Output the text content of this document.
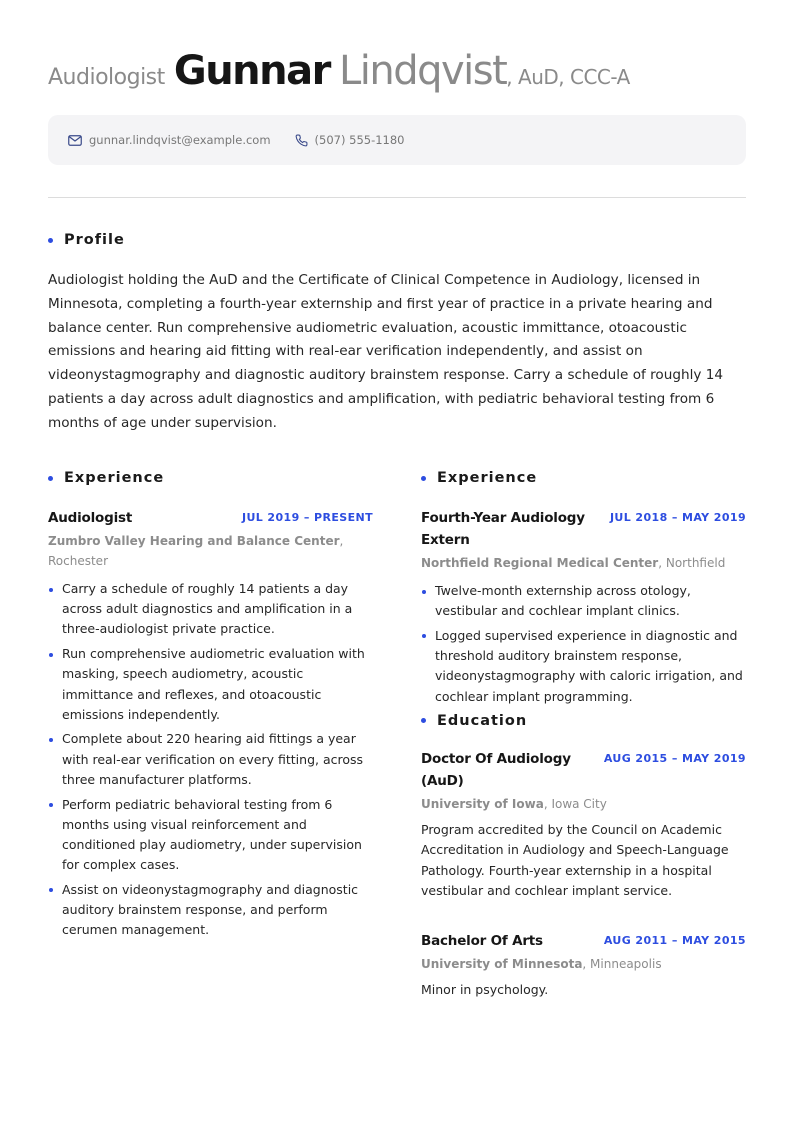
Audiologist Gunnar Lindqvist, AuD, CCC-A
gunnar.lindqvist@example.com	(507) 555-1180
Profile

Audiologist holding the AuD and the Certificate of Clinical Competence in Audiology, licensed in Minnesota, completing a fourth-year externship and first year of practice in a private hearing and balance center. Run comprehensive audiometric evaluation, acoustic immittance, otoacoustic emissions and hearing aid fitting with real-ear verification independently, and assist on videonystagmography and diagnostic auditory brainstem response. Carry a schedule of roughly 14 patients a day across adult diagnostics and amplification, with pediatric behavioral testing from 6 months of age under supervision.

Experience
Audiologist	JUL 2019 – PRESENT
Zumbro Valley Hearing and Balance Center, Rochester
Carry a schedule of roughly 14 patients a day across adult diagnostics and amplification in a three-audiologist private practice.
Run comprehensive audiometric evaluation with masking, speech audiometry, acoustic immittance and reflexes, and otoacoustic emissions independently.
Complete about 220 hearing aid fittings a year with real-ear verification on every fitting, across three manufacturer platforms.
Perform pediatric behavioral testing from 6 months using visual reinforcement and conditioned play audiometry, under supervision for complex cases.
Assist on videonystagmography and diagnostic auditory brainstem response, and perform cerumen management.
Experience
Fourth-Year Audiology Extern
JUL 2018 – MAY 2019
Northfield Regional Medical Center, Northfield
Twelve-month externship across otology, vestibular and cochlear implant clinics.
Logged supervised experience in diagnostic and threshold auditory brainstem response, videonystagmography with caloric irrigation, and cochlear implant programming.
Education
Doctor Of Audiology (AuD)
AUG 2015 – MAY 2019
University of Iowa, Iowa City

Program accredited by the Council on Academic Accreditation in Audiology and Speech-Language Pathology. Fourth-year externship in a hospital vestibular and cochlear implant service.

Bachelor Of Arts	AUG 2011 – MAY 2015
University of Minnesota, Minneapolis

Minor in psychology.
